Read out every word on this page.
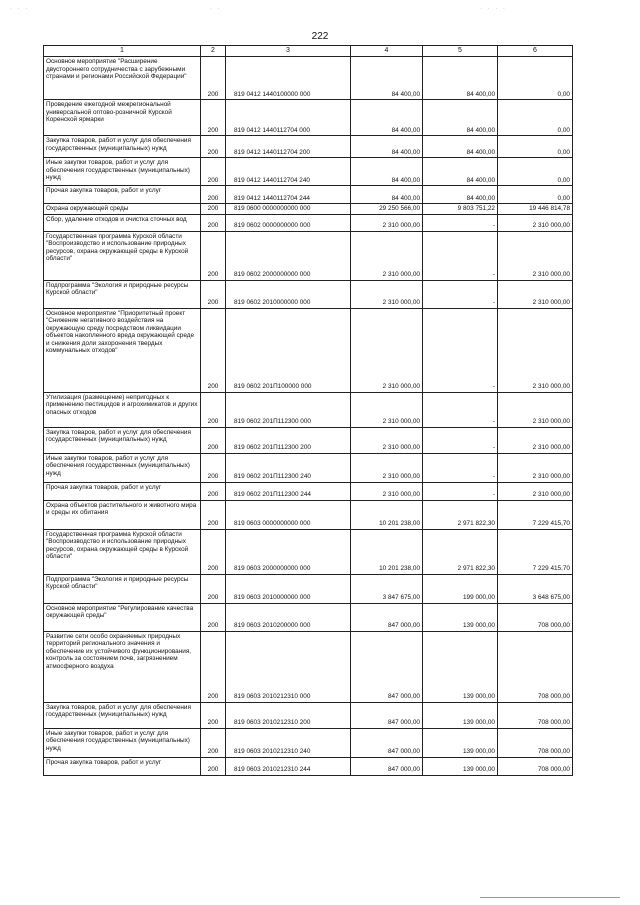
· · ·	· ·	· · · ·
222
1	2	3	4	5	6
Основное мероприятие "Расширение двустороннего сотрудничества с зарубежными странами и регионами Российской Федерации"	200	819 0412 1440100000 000	84 400,00	84 400,00	0,00
Проведение ежегодной межрегиональной универсальной оптово-розничной Курской Коренской ярмарки	200	819 0412 1440112704 000	84 400,00	84 400,00	0,00
Закупка товаров, работ и услуг для обеспечения государственных (муниципальных) нужд	200	819 0412 1440112704 200	84 400,00	84 400,00	0,00
Иные закупки товаров, работ и услуг для обеспечения государственных (муниципальных) нужд	200	819 0412 1440112704 240	84 400,00	84 400,00	0,00
Прочая закупка товаров, работ и услуг	200	819 0412 1440112704 244	84 400,00	84 400,00	0,00
Охрана окружающей среды	200	819 0600 0000000000 000	29 250 566,00	9 803 751,22	19 446 814,78
Сбор, удаление отходов и очистка сточных вод	200	819 0602 0000000000 000	2 310 000,00	-	2 310 000,00
Государственная программа Курской области "Воспроизводство и использование природных ресурсов, охрана окружающей среды в Курской области"	200	819 0602 2000000000 000	2 310 000,00	-	2 310 000,00
Подпрограмма "Экология и природные ресурсы Курской области"	200	819 0602 2010000000 000	2 310 000,00	-	2 310 000,00
Основное мероприятие "Приоритетный проект "Снижение негативного воздействия на окружающую среду посредством ликвидации объектов накопленного вреда окружающей среде и снижения доли захоронения твердых коммунальных отходов"	200	819 0602 201П100000 000	2 310 000,00	-	2 310 000,00
Утилизация (размещение) непригодных к применению пестицидов и агрохимикатов и других опасных отходов	200	819 0602 201П112300 000	2 310 000,00	-	2 310 000,00
Закупка товаров, работ и услуг для обеспечения государственных (муниципальных) нужд	200	819 0602 201П112300 200	2 310 000,00	-	2 310 000,00
Иные закупки товаров, работ и услуг для обеспечения государственных (муниципальных) нужд	200	819 0602 201П112300 240	2 310 000,00	-	2 310 000,00
Прочая закупка товаров, работ и услуг	200	819 0602 201П112300 244	2 310 000,00	-	2 310 000,00
Охрана объектов растительного и животного мира и среды их обитания	200	819 0603 0000000000 000	10 201 238,00	2 971 822,30	7 229 415,70
Государственная программа Курской области "Воспроизводство и использование природных ресурсов, охрана окружающей среды в Курской области"	200	819 0603 2000000000 000	10 201 238,00	2 971 822,30	7 229 415,70
Подпрограмма "Экология и природные ресурсы Курской области"	200	819 0603 2010000000 000	3 847 675,00	199 000,00	3 648 675,00
Основное мероприятие "Регулирование качества окружающей среды"	200	819 0603 2010200000 000	847 000,00	139 000,00	708 000,00
Развитие сети особо охраняемых природных территорий регионального значения и обеспечение их устойчивого функционирования, контроль за состоянием почв, загрязнением атмосферного воздуха	200	819 0603 2010212310 000	847 000,00	139 000,00	708 000,00
Закупка товаров, работ и услуг для обеспечения государственных (муниципальных) нужд	200	819 0603 2010212310 200	847 000,00	139 000,00	708 000,00
Иные закупки товаров, работ и услуг для обеспечения государственных (муниципальных) нужд	200	819 0603 2010212310 240	847 000,00	139 000,00	708 000,00
Прочая закупка товаров, работ и услуг	200	819 0603 2010212310 244	847 000,00	139 000,00	708 000,00
